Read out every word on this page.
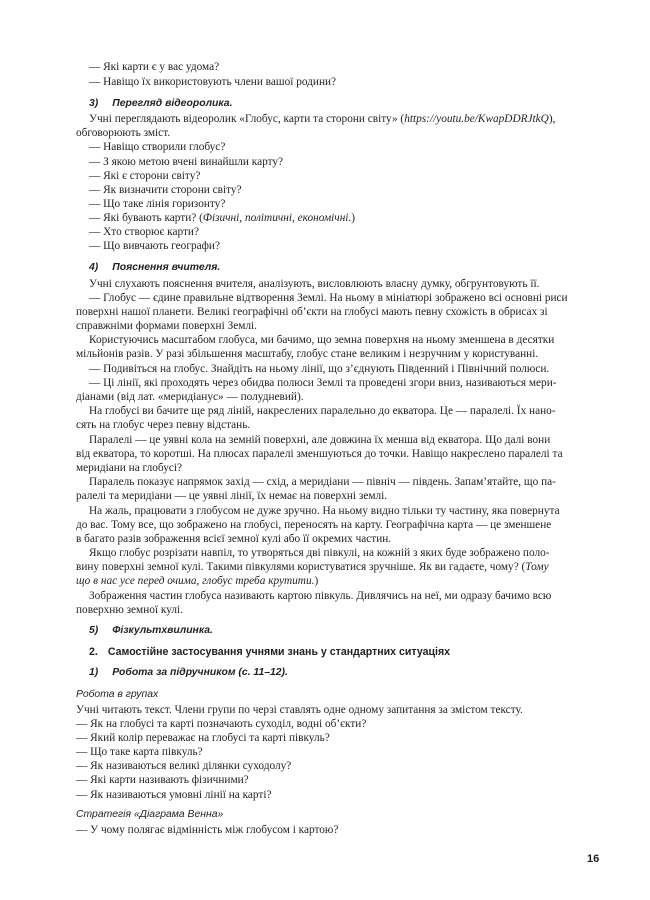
— Які карти є у вас удома?
— Навіщо їх використовують члени вашої родини?
3) Перегляд відеоролика.
Учні переглядають відеоролик «Глобус, карти та сторони світу» (https://youtu.be/KwapDDRJtkQ),
обговорюють зміст.
— Навіщо створили глобус?
— З якою метою вчені винайшли карту?
— Які є сторони світу?
— Як визначити сторони світу?
— Що таке лінія горизонту?
— Які бувають карти? (Фізичні, політичні, економічні.)
— Хто створює карти?
— Що вивчають географи?
4) Пояснення вчителя.
Учні слухають пояснення вчителя, аналізують, висловлюють власну думку, обгрунтовують її.
— Глобус — єдине правильне відтворення Землі. На ньому в мініатюрі зображено всі основні риси
поверхні нашої планети. Великі географічні об’єкти на глобусі мають певну схожість в обрисах зі
справжніми формами поверхні Землі.
Користуючись масштабом глобуса, ми бачимо, що земна поверхня на ньому зменшена в десятки
мільйонів разів. У разі збільшення масштабу, глобус стане великим і незручним у користуванні.
— Подивіться на глобус. Знайдіть на ньому лінії, що з’єднують Південний і Північний полюси.
— Ці лінії, які проходять через обидва полюси Землі та проведені згори вниз, називаються мери-
діанами (від лат. «меридіанус» — полудневий).
На глобусі ви бачите ще ряд ліній, накреслених паралельно до екватора. Це — паралелі. Їх нано-
сять на глобус через певну відстань.
Паралелі — це уявні кола на земній поверхні, але довжина їх менша від екватора. Що далі вони
від екватора, то коротші. На плюсах паралелі зменшуються до точки. Навіщо накреслено паралелі та
меридіани на глобусі?
Паралель показує напрямок захід — схід, а меридіани — північ — південь. Запам’ятайте, що па-
ралелі та меридіани — це уявні лінії, їх немає на поверхні землі.
На жаль, працювати з глобусом не дуже зручно. На ньому видно тільки ту частину, яка повернута
до вас. Тому все, що зображено на глобусі, переносять на карту. Географічна карта — це зменшене
в багато разів зображення всієї земної кулі або її окремих частин.
Якщо глобус розрізати навпіл, то утворяться дві півкулі, на кожній з яких буде зображено поло-
вину поверхні земної кулі. Такими півкулями користуватися зручніше. Як ви гадаєте, чому? (Тому
що в нас усе перед очима, глобус треба крутити.)
Зображення частин глобуса називають картою півкуль. Дивлячись на неї, ми одразу бачимо всю
поверхню земної кулі.
5) Фізкультхвилинка.
2. Самостійне застосування учнями знань у стандартних ситуаціях
1) Робота за підручником (с. 11–12).
Робота в групах
Учні читають текст. Члени групи по черзі ставлять одне одному запитання за змістом тексту.
— Як на глобусі та карті позначають суходіл, водні об’єкти?
— Який колір переважає на глобусі та карті півкуль?
— Що таке карта півкуль?
— Як називаються великі ділянки суходолу?
— Які карти називають фізичними?
— Як називаються умовні лінії на карті?
Стратегія «Діаграма Венна»
— У чому полягає відмінність між глобусом і картою?
16
